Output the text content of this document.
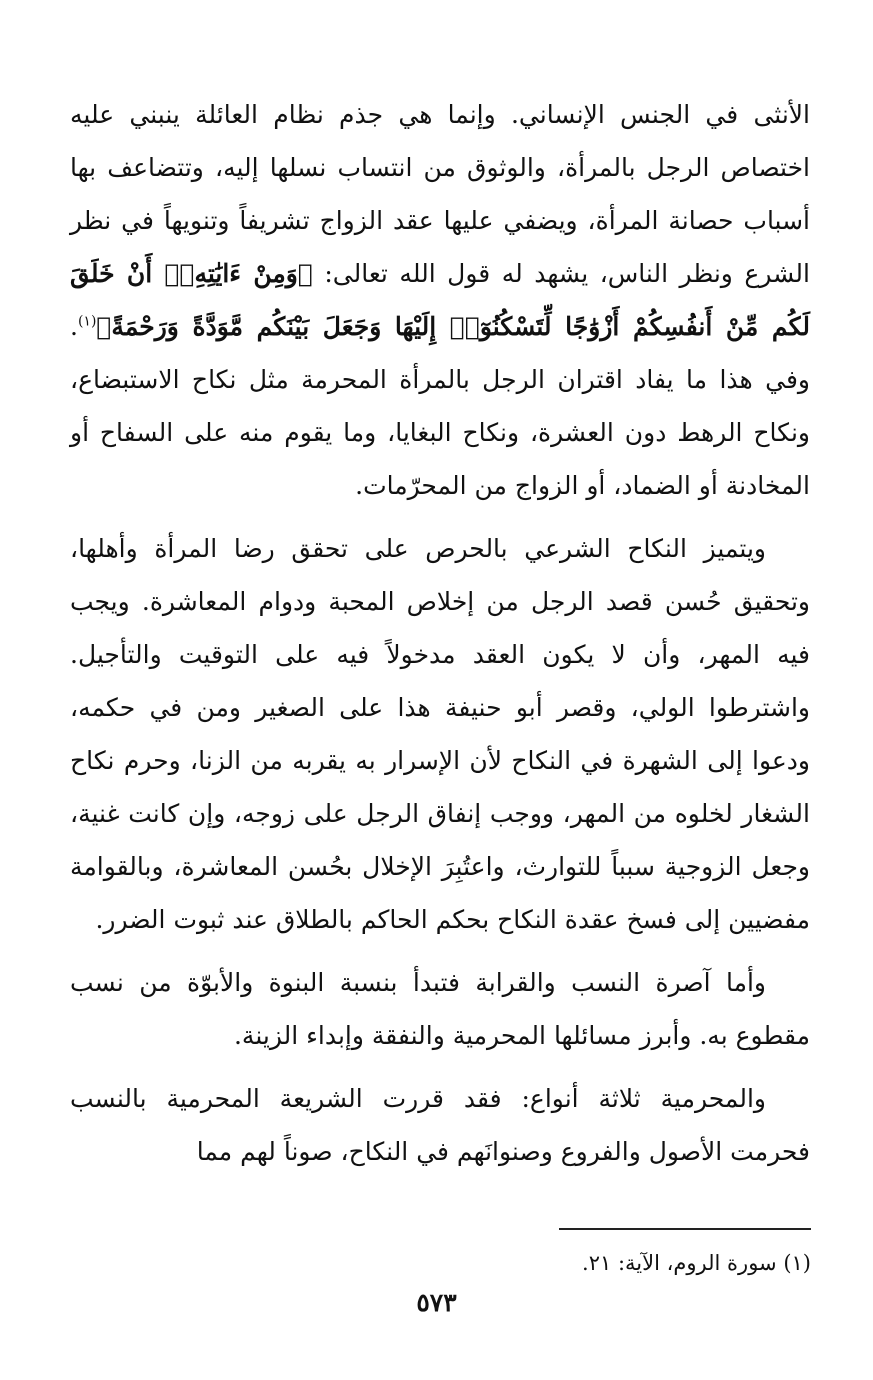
الأنثى في الجنس الإنساني. وإنما هي جذم نظام العائلة ينبني عليه اختصاص الرجل بالمرأة، والوثوق من انتساب نسلها إليه، وتتضاعف بها أسباب حصانة المرأة، ويضفي عليها عقد الزواج تشريفاً وتنويهاً في نظر الشرع ونظر الناس، يشهد له قول الله تعالى: ﴿وَمِنْ ءَايَٰتِهِۦٓ أَنْ خَلَقَ لَكُم مِّنْ أَنفُسِكُمْ أَزْوَٰجًا لِّتَسْكُنُوٓا۟ إِلَيْهَا وَجَعَلَ بَيْنَكُم مَّوَدَّةً وَرَحْمَةً﴾$^{(١)}$. وفي هذا ما يفاد اقتران الرجل بالمرأة المحرمة مثل نكاح الاستبضاع، ونكاح الرهط دون العشرة، ونكاح البغايا، وما يقوم منه على السفاح أو المخادنة أو الضماد، أو الزواج من المحرّمات.

ويتميز النكاح الشرعي بالحرص على تحقق رضا المرأة وأهلها، وتحقيق حُسن قصد الرجل من إخلاص المحبة ودوام المعاشرة. ويجب فيه المهر، وأن لا يكون العقد مدخولاً فيه على التوقيت والتأجيل. واشترطوا الولي، وقصر أبو حنيفة هذا على الصغير ومن في حكمه، ودعوا إلى الشهرة في النكاح لأن الإسرار به يقربه من الزنا، وحرم نكاح الشغار لخلوه من المهر، ووجب إنفاق الرجل على زوجه، وإن كانت غنية، وجعل الزوجية سبباً للتوارث، واعتُبِرَ الإخلال بحُسن المعاشرة، وبالقوامة مفضيين إلى فسخ عقدة النكاح بحكم الحاكم بالطلاق عند ثبوت الضرر.

وأما آصرة النسب والقرابة فتبدأ بنسبة البنوة والأبوّة من نسب مقطوع به. وأبرز مسائلها المحرمية والنفقة وإبداء الزينة.

والمحرمية ثلاثة أنواع: فقد قررت الشريعة المحرمية بالنسب فحرمت الأصول والفروع وصنوانَهم في النكاح، صوناً لهم مما

(١) سورة الروم، الآية: ٢١.

٥٧٣
